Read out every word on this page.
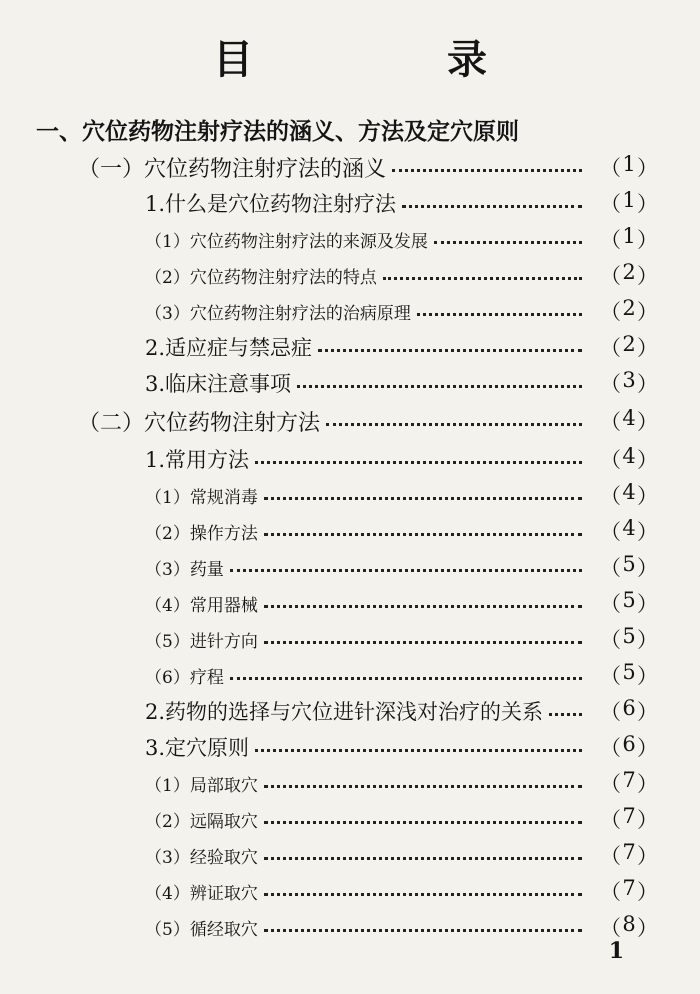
目 录
一、穴位药物注射疗法的涵义、方法及定穴原则
（一）穴位药物注射疗法的涵义	（ 1 ）
1.什么是穴位药物注射疗法	（ 1 ）
（1）穴位药物注射疗法的来源及发展	（ 1 ）
（2）穴位药物注射疗法的特点	（ 2 ）
（3）穴位药物注射疗法的治病原理	（ 2 ）
2.适应症与禁忌症	（ 2 ）
3.临床注意事项	（ 3 ）
（二）穴位药物注射方法	（ 4 ）
1.常用方法	（ 4 ）
（1）常规消毒	（ 4 ）
（2）操作方法	（ 4 ）
（3）药量	（ 5 ）
（4）常用器械	（ 5 ）
（5）进针方向	（ 5 ）
（6）疗程	（ 5 ）
2.药物的选择与穴位进针深浅对治疗的关系	（ 6 ）
3.定穴原则	（ 6 ）
（1）局部取穴	（ 7 ）
（2）远隔取穴	（ 7 ）
（3）经验取穴	（ 7 ）
（4）辨证取穴	（ 7 ）
（5）循经取穴	（ 8 ）
1
